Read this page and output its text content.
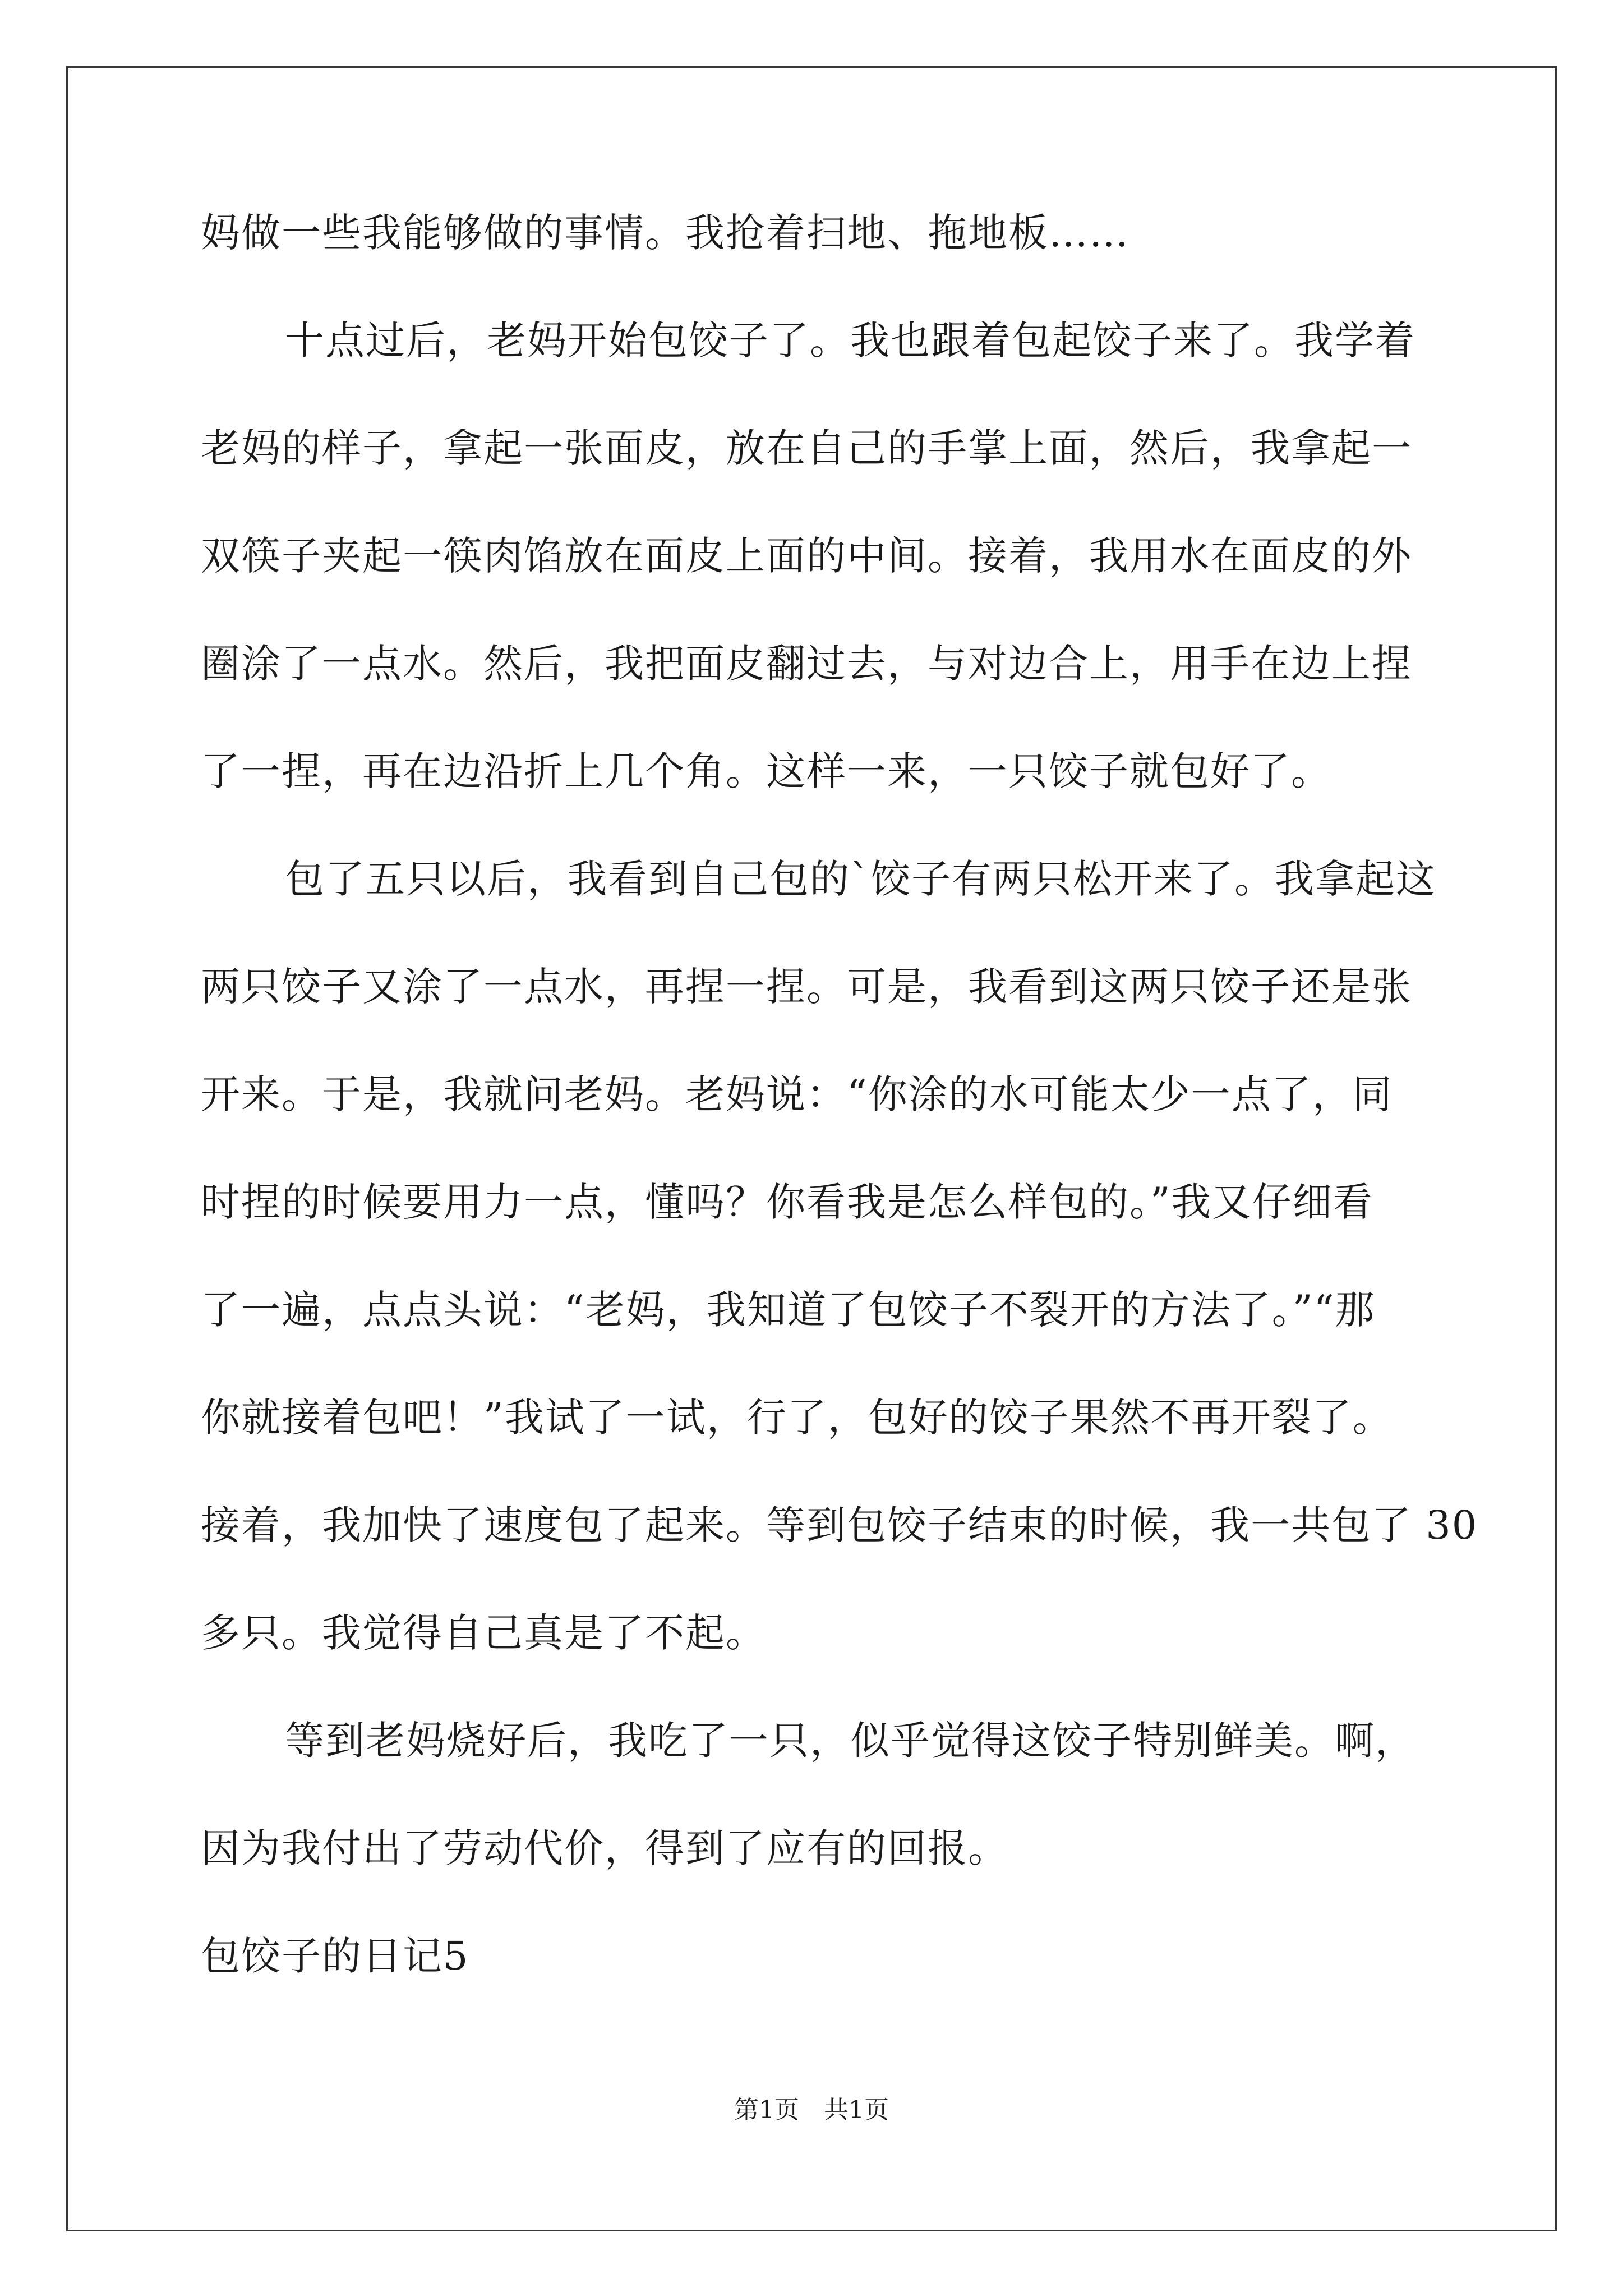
妈做一些我能够做的事情。我抢着扫地、拖地板……
十点过后，老妈开始包饺子了。我也跟着包起饺子来了。我学着
老妈的样子，拿起一张面皮，放在自己的手掌上面，然后，我拿起一
双筷子夹起一筷肉馅放在面皮上面的中间。接着，我用水在面皮的外
圈涂了一点水。然后，我把面皮翻过去，与对边合上，用手在边上捏
了一捏，再在边沿折上几个角。这样一来，一只饺子就包好了。
包了五只以后，我看到自己包的`饺子有两只松开来了。我拿起这
两只饺子又涂了一点水，再捏一捏。可是，我看到这两只饺子还是张
开来。于是，我就问老妈。老妈说：“你涂的水可能太少一点了，同
时捏的时候要用力一点，懂吗？你看我是怎么样包的。”我又仔细看
了一遍，点点头说：“老妈，我知道了包饺子不裂开的方法了。”“那
你就接着包吧！”我试了一试，行了，包好的饺子果然不再开裂了。
接着，我加快了速度包了起来。等到包饺子结束的时候，我一共包了 30
多只。我觉得自己真是了不起。
等到老妈烧好后，我吃了一只，似乎觉得这饺子特别鲜美。啊，
因为我付出了劳动代价，得到了应有的回报。
包饺子的日记5
第1页　共1页
